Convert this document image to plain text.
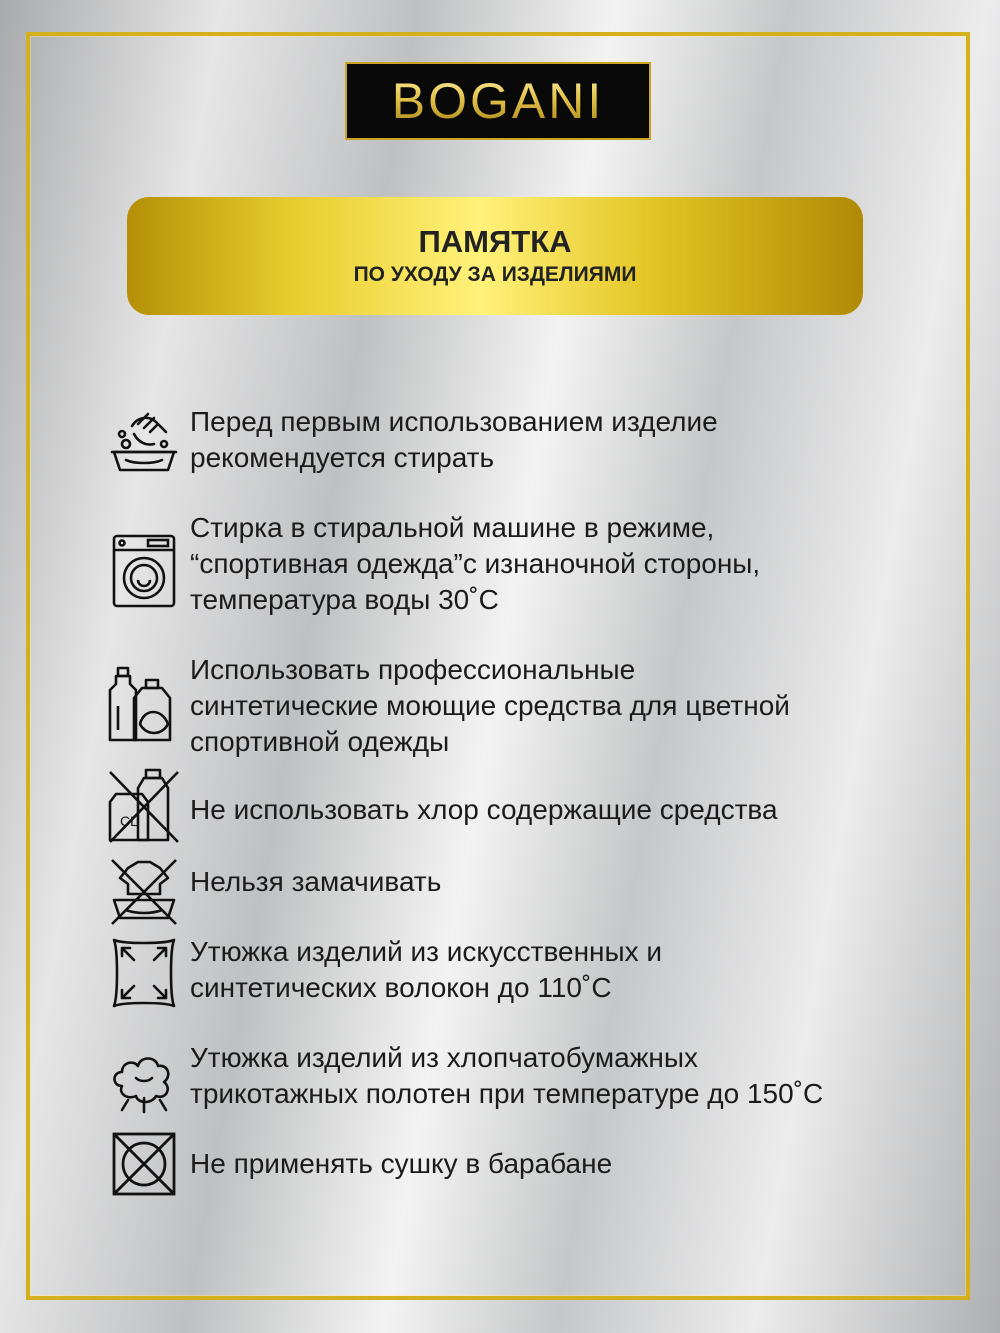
BOGANI
ПАМЯТКА
ПО УХОДУ ЗА ИЗДЕЛИЯМИ
Перед первым использованием изделие
рекомендуется стирать
Стирка в стиральной машине в режиме,
“спортивная одежда”с изнаночной стороны,
температура воды 30˚C
Использовать профессиональные
синтетические моющие средства для цветной
спортивной одежды
CL Не использовать хлор содержащие средства
Нельзя замачивать
Утюжка изделий из искусственных и
синтетических волокон до 110˚C
Утюжка изделий из хлопчатобумажных
трикотажных полотен при температуре до 150˚C
Не применять сушку в барабане
